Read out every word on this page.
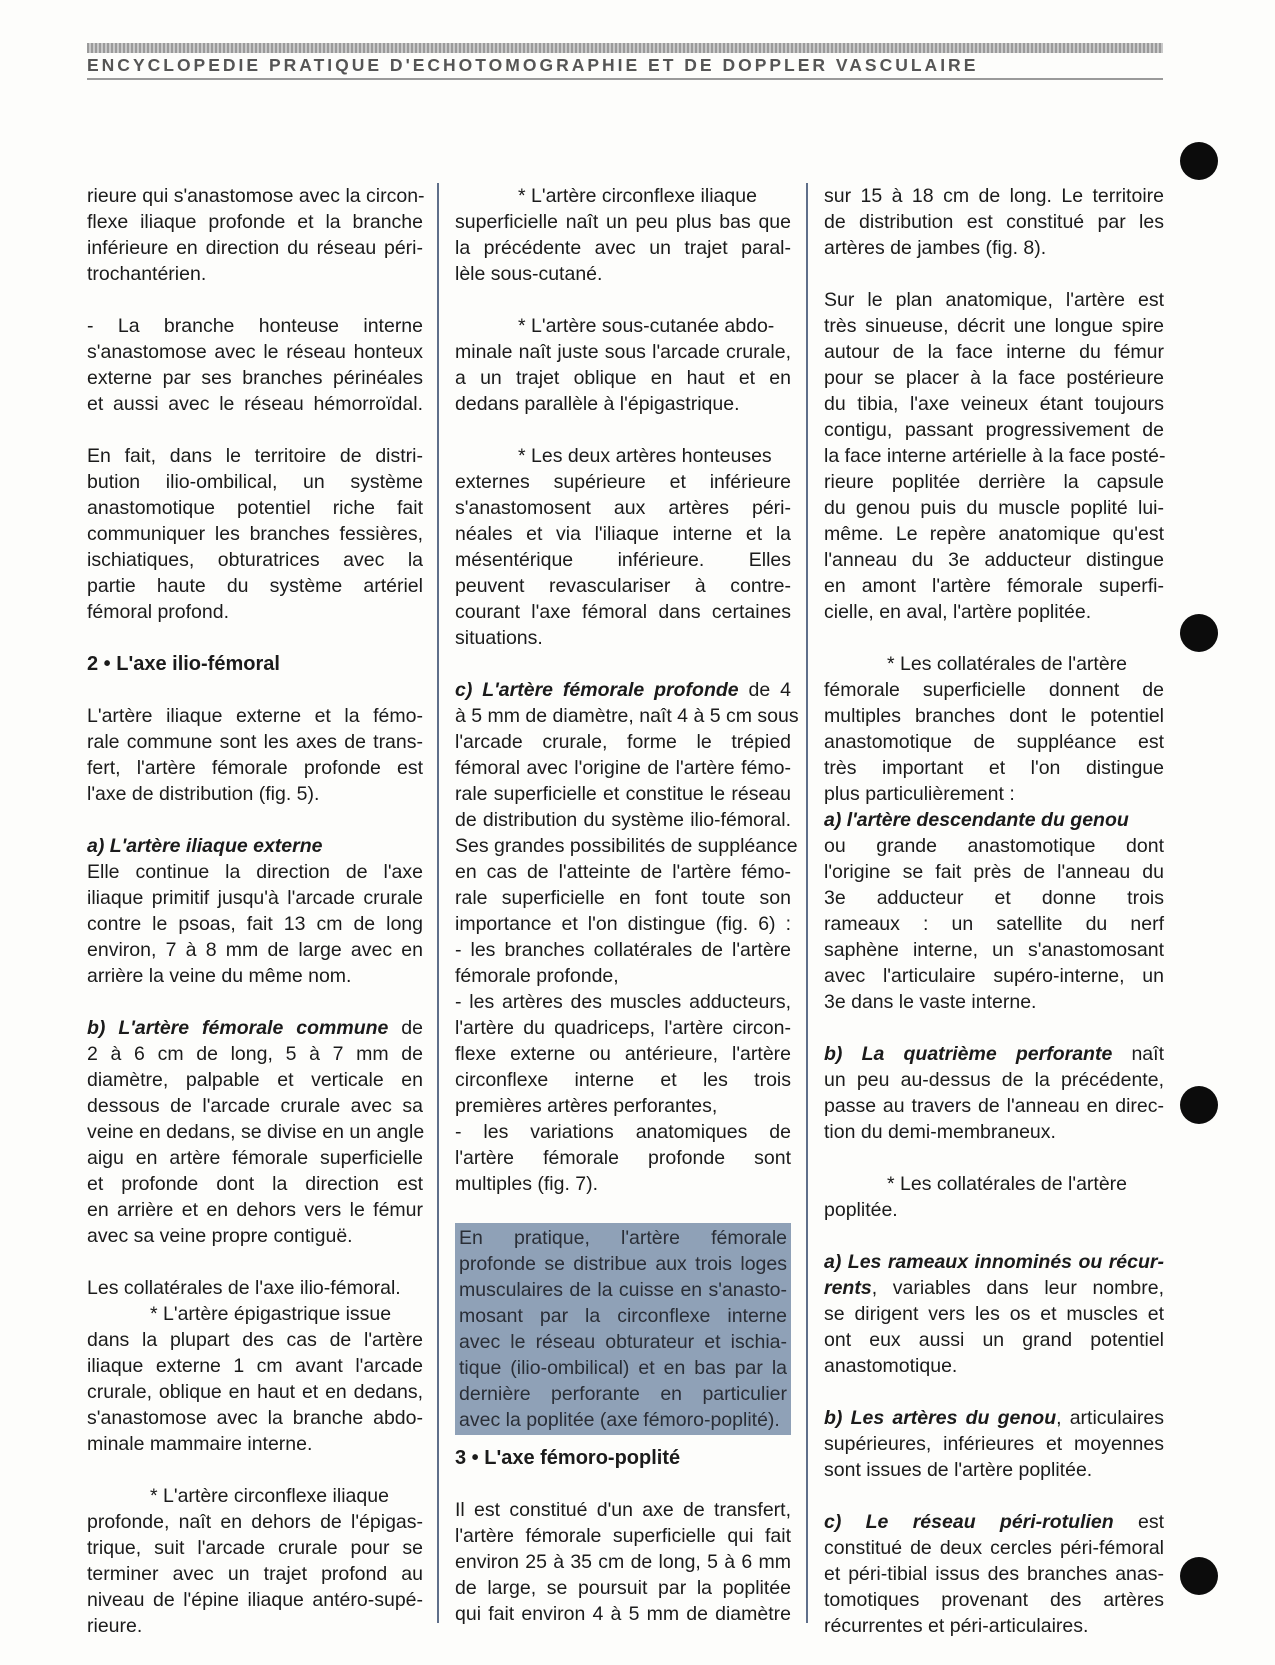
ENCYCLOPEDIE PRATIQUE D'ECHOTOMOGRAPHIE ET DE DOPPLER VASCULAIRE

rieure qui s'anastomose avec la circon-
flexe iliaque profonde et la branche
inférieure en direction du réseau péri-
trochantérien.

- La branche honteuse interne
s'anastomose avec le réseau honteux
externe par ses branches périnéales
et aussi avec le réseau hémorroïdal.

En fait, dans le territoire de distri-
bution ilio-ombilical, un système
anastomotique potentiel riche fait
communiquer les branches fessières,
ischiatiques, obturatrices avec la
partie haute du système artériel
fémoral profond.

2 • L'axe ilio-fémoral

L'artère iliaque externe et la fémo-
rale commune sont les axes de trans-
fert, l'artère fémorale profonde est
l'axe de distribution (fig. 5).

a) L'artère iliaque externe
Elle continue la direction de l'axe
iliaque primitif jusqu'à l'arcade crurale
contre le psoas, fait 13 cm de long
environ, 7 à 8 mm de large avec en
arrière la veine du même nom.

b) L'artère fémorale commune de
2 à 6 cm de long, 5 à 7 mm de
diamètre, palpable et verticale en
dessous de l'arcade crurale avec sa
veine en dedans, se divise en un angle
aigu en artère fémorale superficielle
et profonde dont la direction est
en arrière et en dehors vers le fémur
avec sa veine propre contiguë.

Les collatérales de l'axe ilio-fémoral.
* L'artère épigastrique issue
dans la plupart des cas de l'artère
iliaque externe 1 cm avant l'arcade
crurale, oblique en haut et en dedans,
s'anastomose avec la branche abdo-
minale mammaire interne.

* L'artère circonflexe iliaque
profonde, naît en dehors de l'épigas-
trique, suit l'arcade crurale pour se
terminer avec un trajet profond au
niveau de l'épine iliaque antéro-supé-
rieure.

* L'artère circonflexe iliaque
superficielle naît un peu plus bas que
la précédente avec un trajet paral-
lèle sous-cutané.

* L'artère sous-cutanée abdo-
minale naît juste sous l'arcade crurale,
a un trajet oblique en haut et en
dedans parallèle à l'épigastrique.

* Les deux artères honteuses
externes supérieure et inférieure
s'anastomosent aux artères péri-
néales et via l'iliaque interne et la
mésentérique inférieure. Elles
peuvent revasculariser à contre-
courant l'axe fémoral dans certaines
situations.

c) L'artère fémorale profonde de 4
à 5 mm de diamètre, naît 4 à 5 cm sous
l'arcade crurale, forme le trépied
fémoral avec l'origine de l'artère fémo-
rale superficielle et constitue le réseau
de distribution du système ilio-fémoral.
Ses grandes possibilités de suppléance
en cas de l'atteinte de l'artère fémo-
rale superficielle en font toute son
importance et l'on distingue (fig. 6) :
- les branches collatérales de l'artère
fémorale profonde,
- les artères des muscles adducteurs,
l'artère du quadriceps, l'artère circon-
flexe externe ou antérieure, l'artère
circonflexe interne et les trois
premières artères perforantes,
- les variations anatomiques de
l'artère fémorale profonde sont
multiples (fig. 7).

En pratique, l'artère fémorale
profonde se distribue aux trois loges
musculaires de la cuisse en s'anasto-
mosant par la circonflexe interne
avec le réseau obturateur et ischia-
tique (ilio-ombilical) et en bas par la
dernière perforante en particulier
avec la poplitée (axe fémoro-poplité).
3 • L'axe fémoro-poplité

Il est constitué d'un axe de transfert,
l'artère fémorale superficielle qui fait
environ 25 à 35 cm de long, 5 à 6 mm
de large, se poursuit par la poplitée
qui fait environ 4 à 5 mm de diamètre

sur 15 à 18 cm de long. Le territoire
de distribution est constitué par les
artères de jambes (fig. 8).

Sur le plan anatomique, l'artère est
très sinueuse, décrit une longue spire
autour de la face interne du fémur
pour se placer à la face postérieure
du tibia, l'axe veineux étant toujours
contigu, passant progressivement de
la face interne artérielle à la face posté-
rieure poplitée derrière la capsule
du genou puis du muscle poplité lui-
même. Le repère anatomique qu'est
l'anneau du 3e adducteur distingue
en amont l'artère fémorale superfi-
cielle, en aval, l'artère poplitée.

* Les collatérales de l'artère
fémorale superficielle donnent de
multiples branches dont le potentiel
anastomotique de suppléance est
très important et l'on distingue
plus particulièrement :
a) l'artère descendante du genou
ou grande anastomotique dont
l'origine se fait près de l'anneau du
3e adducteur et donne trois
rameaux : un satellite du nerf
saphène interne, un s'anastomosant
avec l'articulaire supéro-interne, un
3e dans le vaste interne.

b) La quatrième perforante naît
un peu au-dessus de la précédente,
passe au travers de l'anneau en direc-
tion du demi-membraneux.

* Les collatérales de l'artère
poplitée.

a) Les rameaux innominés ou récur-
rents, variables dans leur nombre,
se dirigent vers les os et muscles et
ont eux aussi un grand potentiel
anastomotique.

b) Les artères du genou, articulaires
supérieures, inférieures et moyennes
sont issues de l'artère poplitée.

c) Le réseau péri-rotulien est
constitué de deux cercles péri-fémoral
et péri-tibial issus des branches anas-
tomotiques provenant des artères
récurrentes et péri-articulaires.
